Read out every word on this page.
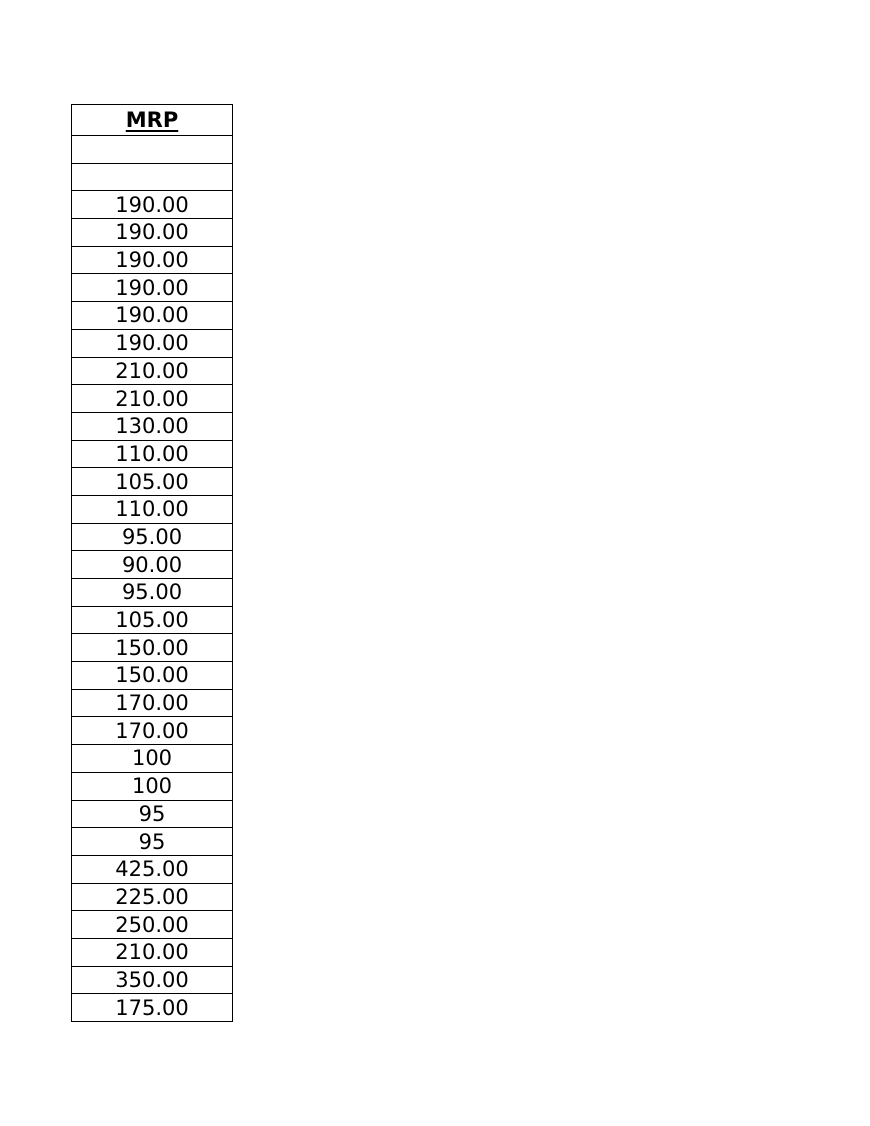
MRP

190.00
190.00
190.00
190.00
190.00
190.00
210.00
210.00
130.00
110.00
105.00
110.00
95.00
90.00
95.00
105.00
150.00
150.00
170.00
170.00
100
100
95
95
425.00
225.00
250.00
210.00
350.00
175.00
